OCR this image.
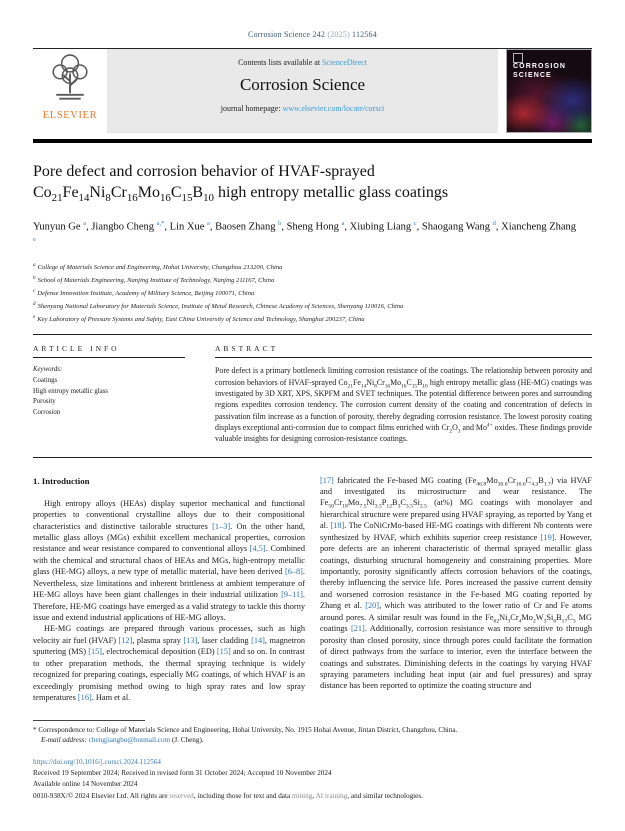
Corrosion Science 242 (2025) 112564
ELSEVIER
Contents lists available at ScienceDirect
Corrosion Science
journal homepage: www.elsevier.com/locate/corsci
CORROSION SCIENCE
Pore defect and corrosion behavior of HVAF-sprayed $Co_{21}Fe_{14}Ni_8Cr_{16}Mo_{16}C_{15}B_{10}$ high entropy metallic glass coatings
Yunyun Ge $^a$, Jiangbo Cheng $^{a,*}$, Lin Xue $^a$, Baosen Zhang $^b$, Sheng Hong $^a$, Xiubing Liang $^c$, Shaogang Wang $^d$, Xiancheng Zhang $^e$
$^a$ College of Materials Science and Engineering, Hohai University, Changzhou 213200, China
$^b$ School of Materials Engineering, Nanjing Institute of Technology, Nanjing 211167, China
$^c$ Defense Innovation Institute, Academy of Military Science, Beijing 100071, China
$^d$ Shenyang National Laboratory for Materials Science, Institute of Metal Research, Chinese Academy of Sciences, Shenyang 110016, China
$^e$ Key Laboratory of Pressure Systems and Safety, East China University of Science and Technology, Shanghai 200237, China
ARTICLE INFO
Keywords:
Coatings
High entropy metallic glass
Porosity
Corrosion
ABSTRACT

Pore defect is a primary bottleneck limiting corrosion resistance of the coatings. The relationship between porosity and corrosion behaviors of HVAF-sprayed $Co_{21}Fe_{14}Ni_8Cr_{16}Mo_{16}C_{15}B_{10}$ high entropy metallic glass (HE-MG) coatings was investigated by 3D XRT, XPS, SKPFM and SVET techniques. The potential difference between pores and surrounding regions expedites corrosion tendency. The corrosion current density of the coating and concentration of defects in passivation film increase as a function of porosity, thereby degrading corrosion resistance. The lowest porosity coating displays exceptional anti-corrosion due to compact films enriched with $Cr_2O_3$ and $Mo^{4+}$ oxides. These findings provide valuable insights for designing corrosion-resistance coatings.

1. Introduction

High entropy alloys (HEAs) display superior mechanical and functional properties to conventional crystalline alloys due to their compositional characteristics and distinctive tailorable structures [1–3]. On the other hand, metallic glass alloys (MGs) exhibit excellent mechanical properties, corrosion resistance and wear resistance compared to conventional alloys [4,5]. Combined with the chemical and structural chaos of HEAs and MGs, high-entropy metallic glass (HE-MG) alloys, a new type of metallic material, have been derived [6–8]. Nevertheless, size limitations and inherent brittleness at ambient temperature of HE-MG alloys have been giant challenges in their industrial utilization [9–11]. Therefore, HE-MG coatings have emerged as a valid strategy to tackle this thorny issue and extend industrial applications of HE-MG alloys.

HE-MG coatings are prepared through various processes, such as high velocity air fuel (HVAF) [12], plasma spray [13], laser cladding [14], magnetron sputtering (MS) [15], electrochemical deposition (ED) [15] and so on. In contrast to other preparation methods, the thermal spraying technique is widely recognized for preparing coatings, especially MG coatings, of which HVAF is an exceedingly promising method owing to high spray rates and low spray temperatures [16]. Ham et al.

[17] fabricated the Fe-based MG coating $(Fe_{46.8}Mo_{30.6}Cr_{16.6}C_{4.3}B_{1.7})$ via HVAF and investigated its microstructure and wear resistance. The $Fe_{50}Cr_{18}Mo_{7.5}Ni_{3.5}P_{12}B_3C_{3.5}Si_{2.5}$ (at%) MG coatings with monolayer and hierarchical structure were prepared using HVAF spraying, as reported by Yang et al. [18]. The CoNiCrMo-based HE-MG coatings with different Nb contents were synthesized by HVAF, which exhibits superior creep resistance [19]. However, pore defects are an inherent characteristic of thermal sprayed metallic glass coatings, disturbing structural homogeneity and constraining properties. More importantly, porosity significantly affects corrosion behaviors of the coatings, thereby influencing the service life. Pores increased the passive current density and worsened corrosion resistance in the Fe-based MG coating reported by Zhang et al. [20], which was attributed to the lower ratio of Cr and Fe atoms around pores. A similar result was found in the $Fe_{62}Ni_3Cr_4Mo_2W_3Si_6B_{17}C_3$ MG coatings [21]. Additionally, corrosion resistance was more sensitive to through porosity than closed porosity, since through pores could facilitate the formation of direct pathways from the surface to interior, even the interface between the coatings and substrates. Diminishing defects in the coatings by varying HVAF spraying parameters including heat input (air and fuel pressures) and spray distance has been reported to optimize the coating structure and

* Correspondence to: College of Materials Science and Engineering, Hohai University, No. 1915 Hohai Avenue, Jintan District, Changzhou, China.

E-mail address: chengjiangbo@hotmail.com (J. Cheng).

https://doi.org/10.1016/j.corsci.2024.112564

Received 19 September 2024; Received in revised form 31 October 2024; Accepted 10 November 2024

Available online 14 November 2024

0010-938X/© 2024 Elsevier Ltd. All rights are reserved, including those for text and data mining, AI training, and similar technologies.
